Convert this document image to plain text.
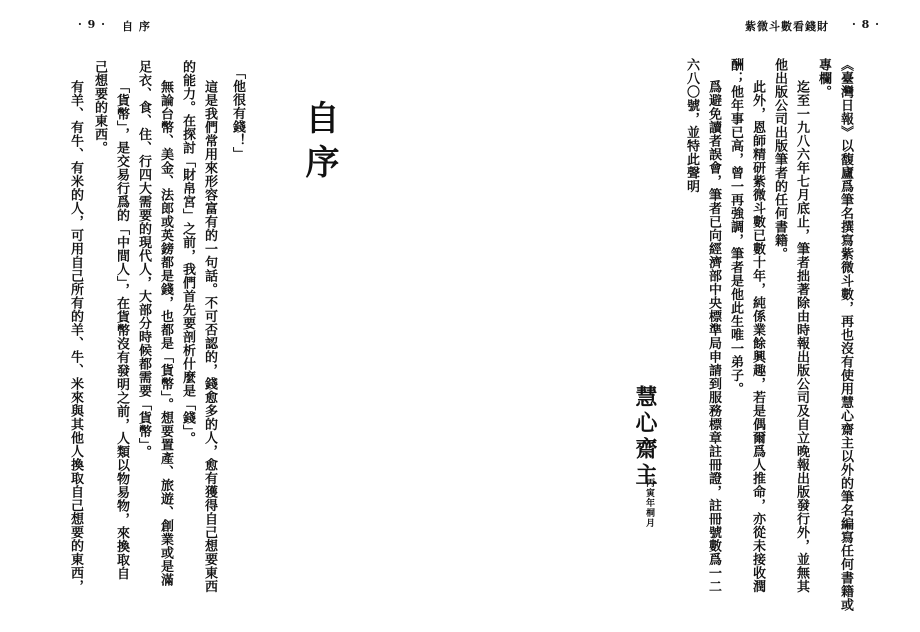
· 9 · 自 序
自序
「他很有錢！」
這是我們常用來形容富有的一句話。不可否認的，錢愈多的人，愈有獲得自己想要東西
的能力。在探討「財帛宮」之前，我們首先要剖析什麼是「錢」。
無論台幣、美金、法郎或英鎊都是錢，也都是「貨幣」。想要置產、旅遊、創業或是滿
足衣、食、住、行四大需要的現代人，大部分時候都需要「貨幣」。
「貨幣」，是交易行爲的「中間人」，在貨幣沒有發明之前，人類以物易物，來換取自
己想要的東西。
有羊、有牛、有米的人，可用自己所有的羊、牛、米來與其他人換取自己想要的東西，
紫微斗數看錢財 · 8 ·
《臺灣日報》以馥廬爲筆名撰寫紫微斗數，再也沒有使用慧心齋主以外的筆名編寫任何書籍或
專欄。
迄至一九八六年七月底止，筆者拙著除由時報出版公司及自立晚報出版發行外，並無其
他出版公司出版筆者的任何書籍。
此外，恩師精研紫微斗數已數十年，純係業餘興趣，若是偶爾爲人推命，亦從未接收潤
酬；他年事已高，曾一再強調，筆者是他此生唯一弟子。
爲避免讀者誤會，筆者已向經濟部中央標準局申請到服務標章註冊證，註冊號數爲一二
六八〇號，並特此聲明
慧心齋主
丙寅年桐月
